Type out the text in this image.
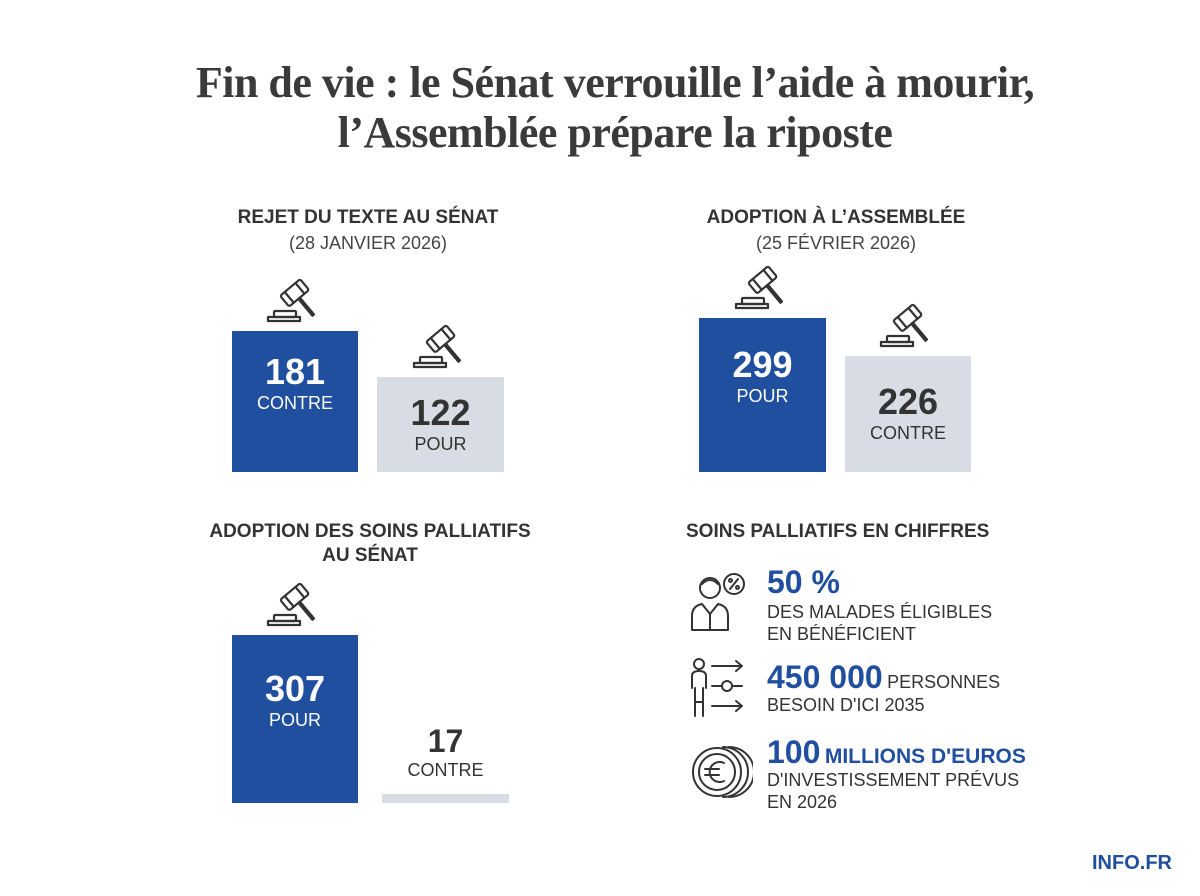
Fin de vie : le Sénat verrouille l’aide à mourir,
l’Assemblée prépare la riposte
REJET DU TEXTE AU SÉNAT
(28 JANVIER 2026)
181
CONTRE	122
POUR
ADOPTION À L’ASSEMBLÉE
(25 FÉVRIER 2026)
299
POUR	226
CONTRE
ADOPTION DES SOINS PALLIATIFS
AU SÉNAT
307
POUR
17
CONTRE
SOINS PALLIATIFS EN CHIFFRES
50 %
DES MALADES ÉLIGIBLES
EN BÉNÉFICIENT
450 000 PERSONNES
BESOIN D'ICI 2035
100 MILLIONS D'EUROS
D'INVESTISSEMENT PRÉVUS
EN 2026
INFO.FR
